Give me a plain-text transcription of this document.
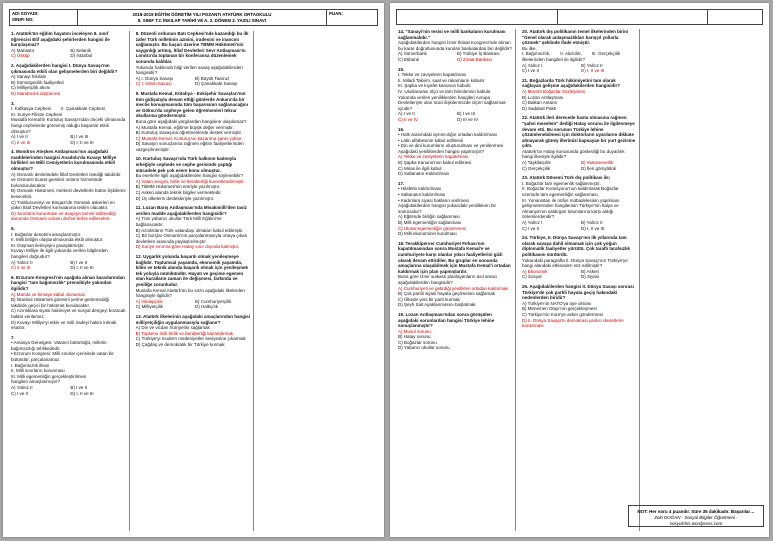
ADI SOYADI:
SINIFI NO:
2018-2019 EĞİTİM ÖĞRETİM YILI POZANTI ATATÜRK ORTAOKULU
8. SINIF T.C İNKILAP TARİHİ VE A. 2. DÖNEM 2. YAZILI SINAVI
PUAN:
1. Atatürk'ün eğitim hayatını inceleyen 8. sınıf öğrencisi Elif aşağıdaki şehirlerden hangisi ile karşılaşmaz?
A) Manastır	B) Selanik
C) Üsküp	D) İstanbul
2. Aşağıdakilerden hangisi I. Dünya Savaşı'nın çıkmasında etkili olan gelişmelerden biri değildir?
A) Sanayi İnkılabı
B) Sömürgecilik faaliyetleri
C) Milliyetçilik akımı
D) Mandacılık düşüncesi
3.
I. Kafkasya Cephesi        II. Çanakkale Cephesi
III. Suriye-Filistin Cephesi
Mustafa Kemal'in Kurtuluş Savaşı'ndan önceki olmasında hangi cephelerde görevmiş olduğu başarılar etkili olmuştur?
A) I ve II	B) I ve III
C) II ve III	D) I, II ve III
4. Mondros Ateşkes Antlaşması'nın aşağıdaki maddelerinden hangisi Anadolu'da Kuvayı Milliye birlikleri ve Milli Cemiyetlerin kurulmasında etkili olmuştur?
A) Osmanlı devletindeki İtilaf Devletleri istediği takdirde ve Osmanlı ticaret gemileri onların hizmetinde bulundurulacaktır.
B) Osmanlı Hükümeti, merkezi devletlerle bütün ilişkilerini kesecektir.
C) Trabluscesriyi ve Bingazi'de Osmanlı askerleri en yakın İtilaf Devletleri komutanına teslim olacaktır.
D) Sınırların korunması ve asayişin temini edilmediği durumda Osmanlı ordusu derhal terhis edilecektir.
5.
I. Boğazlar denetimi amaçlanmıştır.
II. Milli birliğin oluşturulmasında etkili olmuştur.
III. Düşman ilerleyişini yavaşlatmıştır.
Kuvayı Milliye ile ilgili yukarıda verilen bilgilerden hangileri doğrudur?
A) Yalnız II	B) I ve II
C) II ve III	D) I, II ve III
6. Erzurum Kongresi'nin aşağıda alınan kararlarından hangisi "tam bağımsızlık" prensibiyle yakından ilgilidir?
A) Manda ve himaye kabul olunamaz.
B) İstanbul Hükümeti görevini yerine getiremediği takdirde geçici bir hükümet kurulacaktır.
C) Azınlıklara siyasi hakimiyet ve sosyal dengeyi bozacak haklar verilemez.
D) Kuvayı Milliye'yi etkin ve milli iradeyi hakim kılmak esastır.
7.
• Amasya Genelgesi: Vatanın bütünlüğü, milletin bağımsızlığı tehlikededir.
• Erzurum Kongresi: Milli sınırlar içerisinde vatan bir bütündür, parçalanamaz.
I. Bağımsızlık ilkesi
II. Milli sınırların korunması
III. Milli egemenliğin gerçekleştirilmesi
hangileri amaçlanmıştır?
A) Yalnız II	B) I ve II
C) I ve II	D) I, II ve III
8. Düzenli ordunun Batı Cephesi'nde kazandığı bu ilk zafer Türk milletinin azmini, iradesini ve inancını sağlamıştır. Bu başarı üzerine TBMM Hükümeti'nin saygınlığı artmış, İtilaf Devletleri Sevr Antlaşması'nı Londra'da toplanan bir konferansa düzenlemek sonunda kaldılar.
Yukarıda hakkında bilgi verilen savaş aşağıdakilerden hangisidir?
A) I. Dünya Savaşı	B) Büyük Taarruz
C) I. İnönü Savaşı	D) Çanakkale Savaşı
9. Mustafa Kemal, Kütahya - Eskişehir Savaşları'nın tüm gidişatıyla devam ettiği günlerde Ankara'da bir meclis konuşmasında tüm başarısının sağlanacağını ve Göksu'da cepheye gelen öğretmenleri tekrar okullarına göndermiştir.
Buna göre aşağıdaki yargılardan hangisine ulaşılamaz?
A) Mustafa Kemal, eğitime büyük değer vermiştir.
B) Kurtuluş Savaşına öğretmenlerde destek vermiştir.
C) Mustafa Kemal, Kurtuluş'un kazanma şansı yoktur.
D) Savaşın sonuçlarına rağmen eğitim faaliyetlerinden vazgeçilmemiştir.
10. Kurtuluş Savaşı'nda Türk halkının kadınıyla erkeğiyle cephede ve cephe gerisinde yaptığı mücadele pek çok esere konu olmuştur.
Bu eserlerle ilgili aşağıdakilerden hangisi söylenebilir?
A) Vatan sevgisi, birlik ve beraberliği kuvvetlendirmiştir.
B) TBMM Hükümeti'nin emriyle yazılmıştır.
C) Askeri alanda teknik bilgiler vermektedir.
D) Üç ülkelerin destekleriyle yazılmıştır.
11. Lozan Barış Antlaşması'nda Misakımilli'den taviz verilen madde aşağıdakilerden hangisidir?
A) Tüm yabancı okullar Türk Milli Eğitimi'ne bağlanacaktır.
B) Azınlıkların Türk vatandaşı olmaları kabul edilmiştir.
C) Bir borçlar Osmanlı'nın parçalanmasıyla ortaya çıkan devletlere arasında paylaştırılmıştır.
D) Suriye sınırına göre Hatay sınır dışında kalmıştır.
12. Uygarlık yolunda başarılı olmak yenileşmeye bağlıdır. Toplumsal yaşamda, ekonomik yaşamda, bilim ve teknik alanda başarılı olmak için yenileşmek tek yoluyla mümkündür. Hayatı ve geçime egemen olan kuralların zaman ile değişmesi, farkında ve yeniliğe zorunludur.
Mustafa Kemal Atatürk'ün bu sözü aşağıdaki ilkelerden hangisiyle ilgilidir?
A) İnkılapçılık	B) Cumhuriyetçilik
C) Milliyetçilik	D) Halkçılık
13. Atatürk ilkelerinin aşağıdaki amaçlarından hangisi milliyetçiliğin uygulanmasıyla sağlanır?
A) Din ve vicdan hürriyetini sağlamak
B) Toplumu milli birlik ve beraberliği kazandırmak
C) Türkiye'yi modern medeniyetler seviyesine çıkarmak
D) Çağdaş ve demokratik bir Türkiye kurmak
14. "Sanayi'nin tesisi ve milli bankaların kurulması sağlanmalıdır."
Aşağıdakilerden hangisi İzmir İktisat Kongresi'nde alınan bu karar doğrultusunda kurulan bankalardan biri değildir?
A) Sümerbank	B) Türkiye İş Bankası
C) Etibank	D) Ziraat Bankası
15.
I. Tekke ve zaviyelerin kapatılması
II. Miladi Takvim, saat ve rakamların kabulü
III. Şapka ve kıyafet kanunun kabulü
IV. Uluslararası ölçü ve tartı birimlerinin kabulü
Yukarıda verilen yeniliklerden hangileri Avrupa Devletleriyle olan ticari ilişkilerimizde ölçeri sağlanmak içindir?
A) I ve II	B) I ve III
C) II ve IV	D) III ve IV
16.
• Halk arasındaki ayrımcılığın ortadan kaldırılması
• Latin alfabesinin kabul edilmesi
• Din ve dini kurumların oluşturulması ve yenilenmesi
Aşağıdaki yeniliklerden hangisi yapılmıştır?
A) Tekke ve zaviyelerin kapatılması
B) Şapka Kanunu'nun kabul edilmesi
C) Miras ile ilgili kabul
D) Saltanatın Kaldırılması
17.
• Hilafetin kaldırılması
• Saltanatın kaldırılması
• Kadınlara siyasi hakların verilmesi
Aşağıdakilerden hangisi yukarıdaki yeniliklerin bir sonucudur?
A) Eğitimde birliğin sağlanması
B) Milli egemenliğin sağlanması
C) Ulusal egemenliğin güçlenmesi
D) Milli ekonominin kurulması
18. Terakkiperver Cumhuriyet Fırkası'nın kapatılmasından sonra Mustafa Kemal'e ve cumhuriyete karşı olanlar yıkıcı faaliyetlerini gizli olarak devam ettirdiler. Bu gruplar en sonunda amaçlarına ulaşabilmek için Mustafa Kemal'i ortadan kaldırmak için plan yapmışlardır.
Buna göre İzmir suikastı planlayanların asıl amacı aşağıdakilerden hangisidir?
A) Cumhuriyeti ve getirdiği yenilikleri ortadan kaldırmak
B) Çok partili siyasi hayata geçilmesini sağlamak
C) Ülkede yeni bir parti kurmak
D) Şeyh Sait Ayaklanmasını başlatmak
19. Lozan Antlaşması'ndan sonra görüşülen aşağıdaki sorunlardan hangisi Türkiye lehine sonuçlanmıştır?
A) Musul sorunu
B) Hatay sorunu
C) Boğazlar sorunu
D) Yabancı okullar sorunu
20. Atatürk dış politikanın temel ilkelerinden birini "Genel olarak anlaşmazlıkları barışçıl yollarla çözmek" şeklinde ifade etmiştir.
Bu ilke,
I. Bağımsızlık,        II. Akılcılık,        III. Gerçekçilik
ilkelerinden hangileri ile ilgilidir?
A) Yalnız I	B) Yalnız II
C) I ve II	D) I, II ve III
21. Boğazlarda Türk hâkimiyetini tam olarak sağlayan gelişme aşağıdakilerden hangisidir?
A) Montrö Boğazlar Sözleşmesi
B) Lozan Antlaşması
C) Balkan Antantı
D) Sadabat Paktı
22. Atatürk ileri derecede hasta olmasına rağmen "şahsi meselem" dediği Hatay sorunu ile ilgilenmeye devam etti. Bu sorunun Türkiye lehine çözümlenebilmesi için doktorların uyarılarını dikkate almayarak güney illerimizi kapsayan bir yurt gezisine çıktı.
Atatürk'ün Hatay konusunda gösterdiği bu duyarlılık hangi ilkesiyle ilgilidir?
A) Taşkilatçılık	B) Vatanseverlik
C) Gerçekçilik	D) İleri görüşlülük
23. Atatürk Dönemi Türk dış politikası ile;
I. Boğazlar tam egemenlik sağlanmıştır.
II. Boğazlar Komisyonu'nun kaldırılarak Boğazlar üzerinde tam egemenliğin sağlanması,
III. Yunanistan ile nüfus mübadelesinin yapılması
gelişmelerinden hangilerinin Türkiye'nin İtalya ve Almanya'nın saldırgan tutumlarına karşı aldığı önlemlerdendir?
A) Yalnız I	B) Yalnız II
C) I ve II	D) I, II ve III
24. Türkiye, II. Dünya Savaşı'nın ilk yıllarında tam olarak savaşa dahil olmamak için çok yoğun diplomatik faaliyetler yürüttü. Çok taraflı tarafsızlık politikasını sürdürdü.
Yukarıdaki paragrafta II. Dünya Savaşı'nın Türkiye'ye hangi alandaki etkisinden söz edilmiştir?
A) Ekonomik	B) Askeri
C) Sosyal	D) Siyasi
25. Aşağıdakilerden hangisi II. Dünya Savaşı sonrası Türkiye'de çok partili hayata geçiş hakındaki nedenlerden biridir?
A) Türkiye'nin NATO'ya üye olması
B) Menemen Olayı'nın gerçekleşmesi
C) Türkiye'nin Kore'ye asker göndermesi
D) II. Dünya Savaşı'nı demokrasi yanlısı devletlerin kazanması
NOT: Her soru 4 puandır. Süre 35 dakikadır. Başarılar…
Zeki DOĞAN - Sosyal Bilgiler Öğretmeni - sosyolchis.wordpress.com
